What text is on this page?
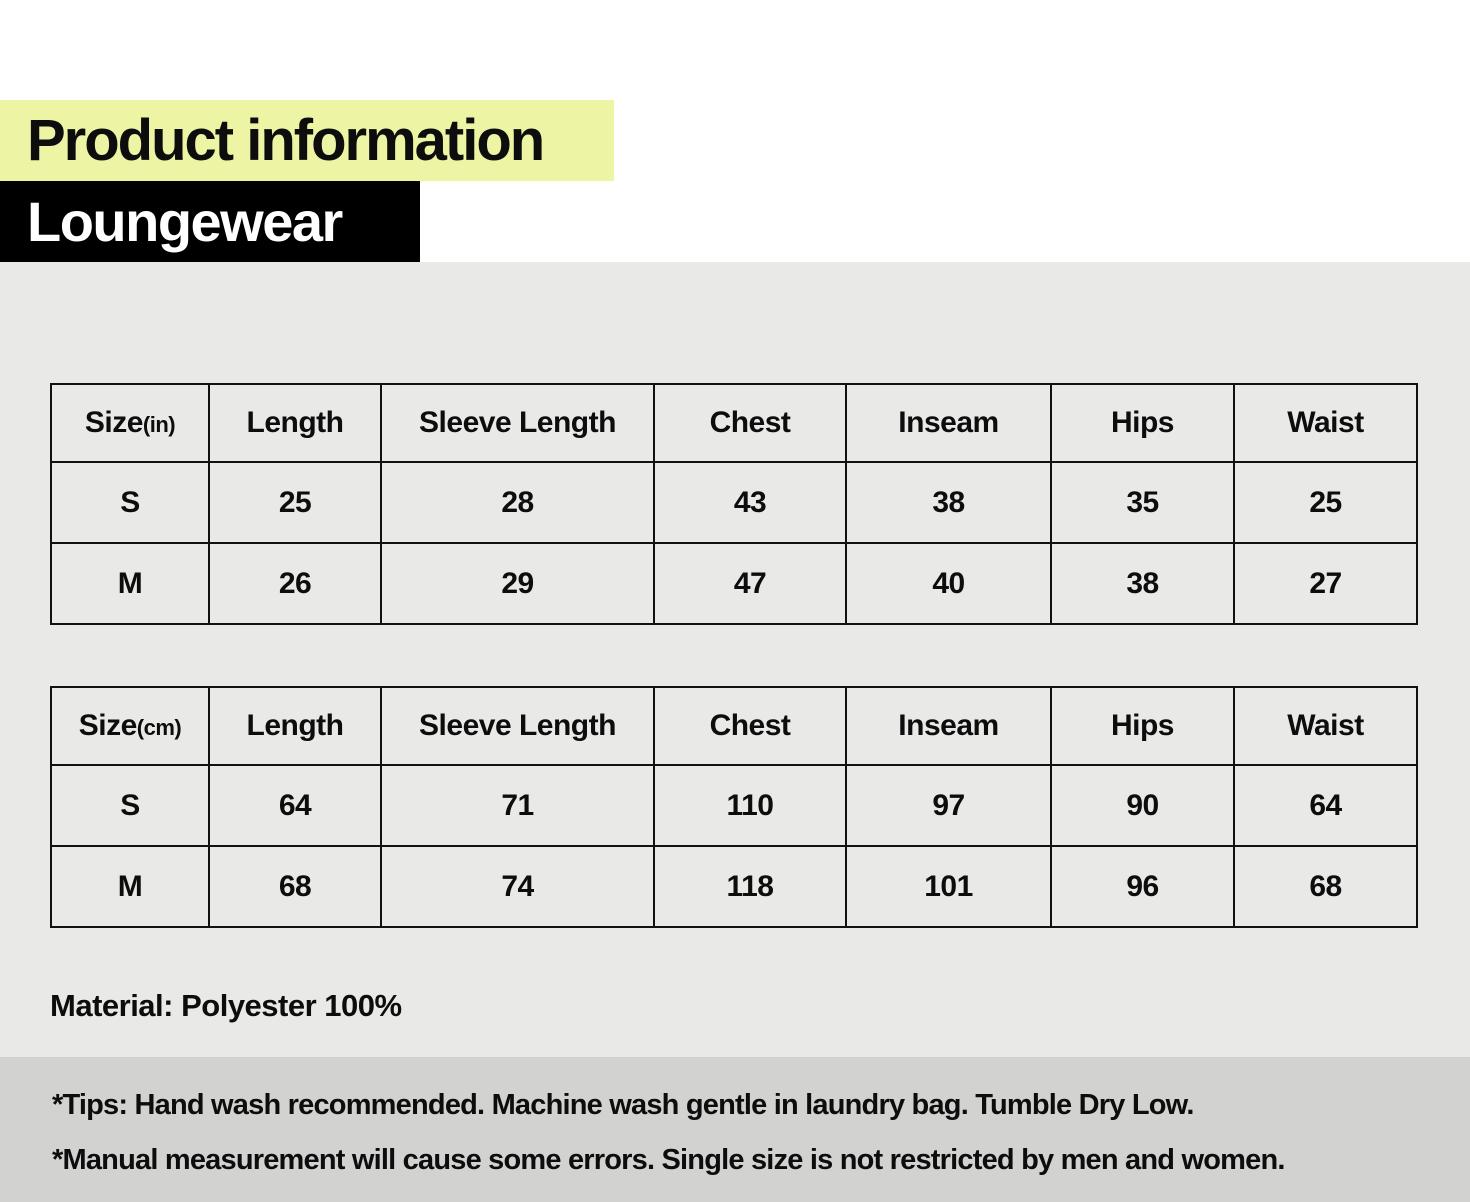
Product information
Loungewear
Size(in)	Length	Sleeve Length	Chest	Inseam	Hips	Waist
S	25	28	43	38	35	25
M	26	29	47	40	38	27
Size(cm)	Length	Sleeve Length	Chest	Inseam	Hips	Waist
S	64	71	110	97	90	64
M	68	74	118	101	96	68
Material: Polyester 100%
*Tips: Hand wash recommended. Machine wash gentle in laundry bag. Tumble Dry Low.
*Manual measurement will cause some errors. Single size is not restricted by men and women.
